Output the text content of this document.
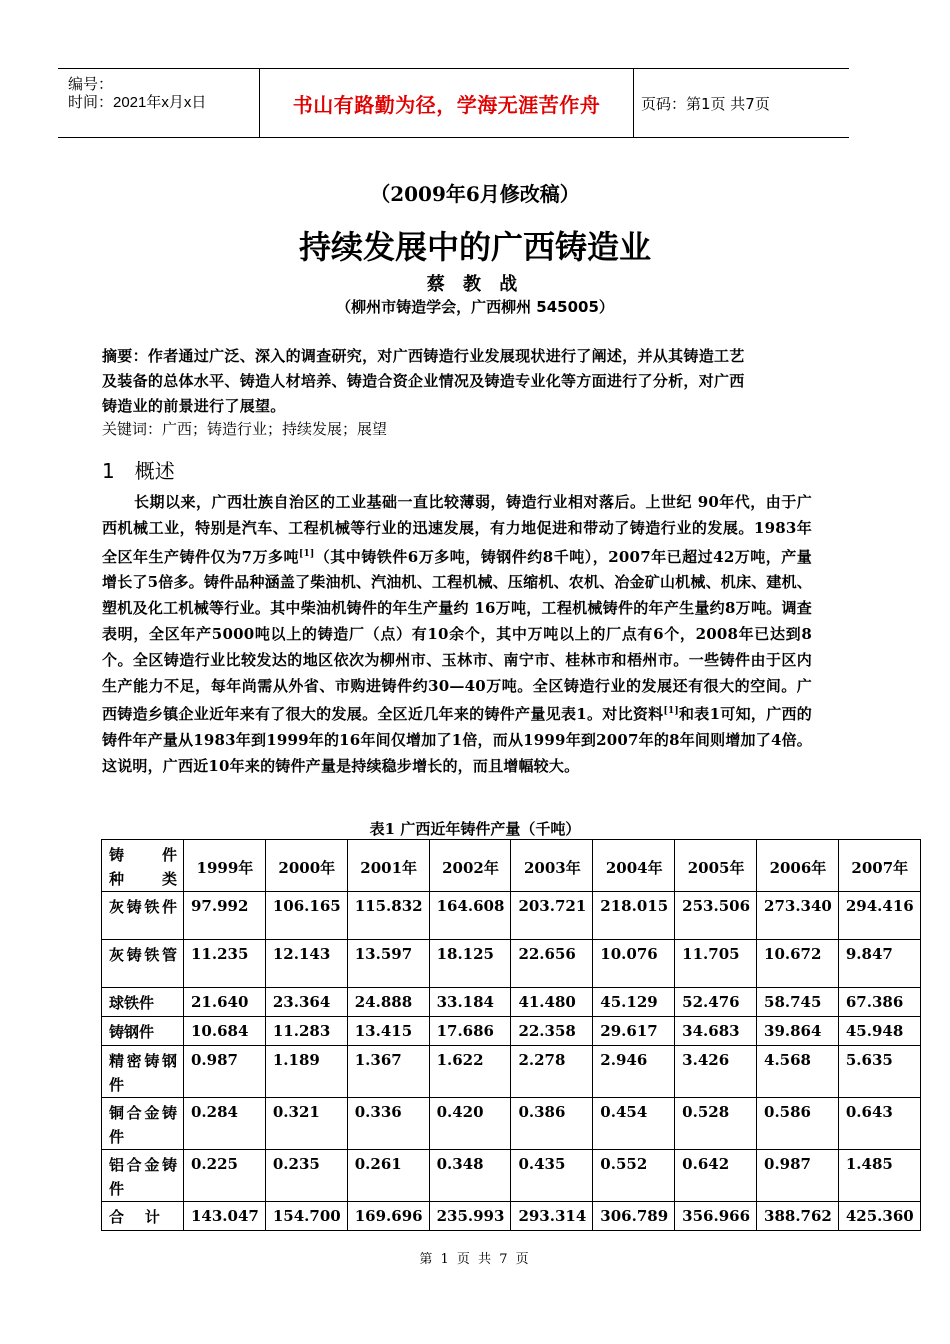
编号：
时间：2021年x月x日	书山有路勤为径，学海无涯苦作舟	页码：第1页 共7页
（2009年6月修改稿）
持续发展中的广西铸造业
蔡 教 战
（柳州市铸造学会，广西柳州 545005）
摘要：作者通过广泛、深入的调查研究，对广西铸造行业发展现状进行了阐述，并从其铸造工艺
及装备的总体水平、铸造人材培养、铸造合资企业情况及铸造专业化等方面进行了分析，对广西
铸造业的前景进行了展望。
关键词：广西；铸造行业；持续发展；展望
1 概述
长期以来，广西壮族自治区的工业基础一直比较薄弱，铸造行业相对落后。上世纪 90年代，由于广西机械工业，特别是汽车、工程机械等行业的迅速发展，有力地促进和带动了铸造行业的发展。1983年全区年生产铸件仅为7万多吨[1]（其中铸铁件6万多吨，铸钢件约8千吨），2007年已超过42万吨，产量增长了5倍多。铸件品种涵盖了柴油机、汽油机、工程机械、压缩机、农机、冶金矿山机械、机床、建机、塑机及化工机械等行业。其中柴油机铸件的年生产量约 16万吨，工程机械铸件的年产生量约8万吨。调查表明，全区年产5000吨以上的铸造厂（点）有10余个，其中万吨以上的厂点有6个，2008年已达到8个。全区铸造行业比较发达的地区依次为柳州市、玉林市、南宁市、桂林市和梧州市。一些铸件由于区内生产能力不足，每年尚需从外省、市购进铸件约30—40万吨。全区铸造行业的发展还有很大的空间。广西铸造乡镇企业近年来有了很大的发展。全区近几年来的铸件产量见表1。对比资料[1]和表1可知，广西的铸件年产量从1983年到1999年的16年间仅增加了1倍，而从1999年到2007年的8年间则增加了4倍。这说明，广西近10年来的铸件产量是持续稳步增长的，而且增幅较大。
表1 广西近年铸件产量（千吨）
铸 件
种 类	1999年	2000年	2001年	2002年	2003年	2004年	2005年	2006年	2007年
灰铸铁件	97.992	106.165	115.832	164.608	203.721	218.015	253.506	273.340	294.416
灰铸铁管	11.235	12.143	13.597	18.125	22.656	10.076	11.705	10.672	9.847
球铁件	21.640	23.364	24.888	33.184	41.480	45.129	52.476	58.745	67.386
铸钢件	10.684	11.283	13.415	17.686	22.358	29.617	34.683	39.864	45.948
精密铸钢件	0.987	1.189	1.367	1.622	2.278	2.946	3.426	4.568	5.635
铜合金铸件	0.284	0.321	0.336	0.420	0.386	0.454	0.528	0.586	0.643
铝合金铸件	0.225	0.235	0.261	0.348	0.435	0.552	0.642	0.987	1.485
合    计	143.047	154.700	169.696	235.993	293.314	306.789	356.966	388.762	425.360
第 1 页 共 7 页
